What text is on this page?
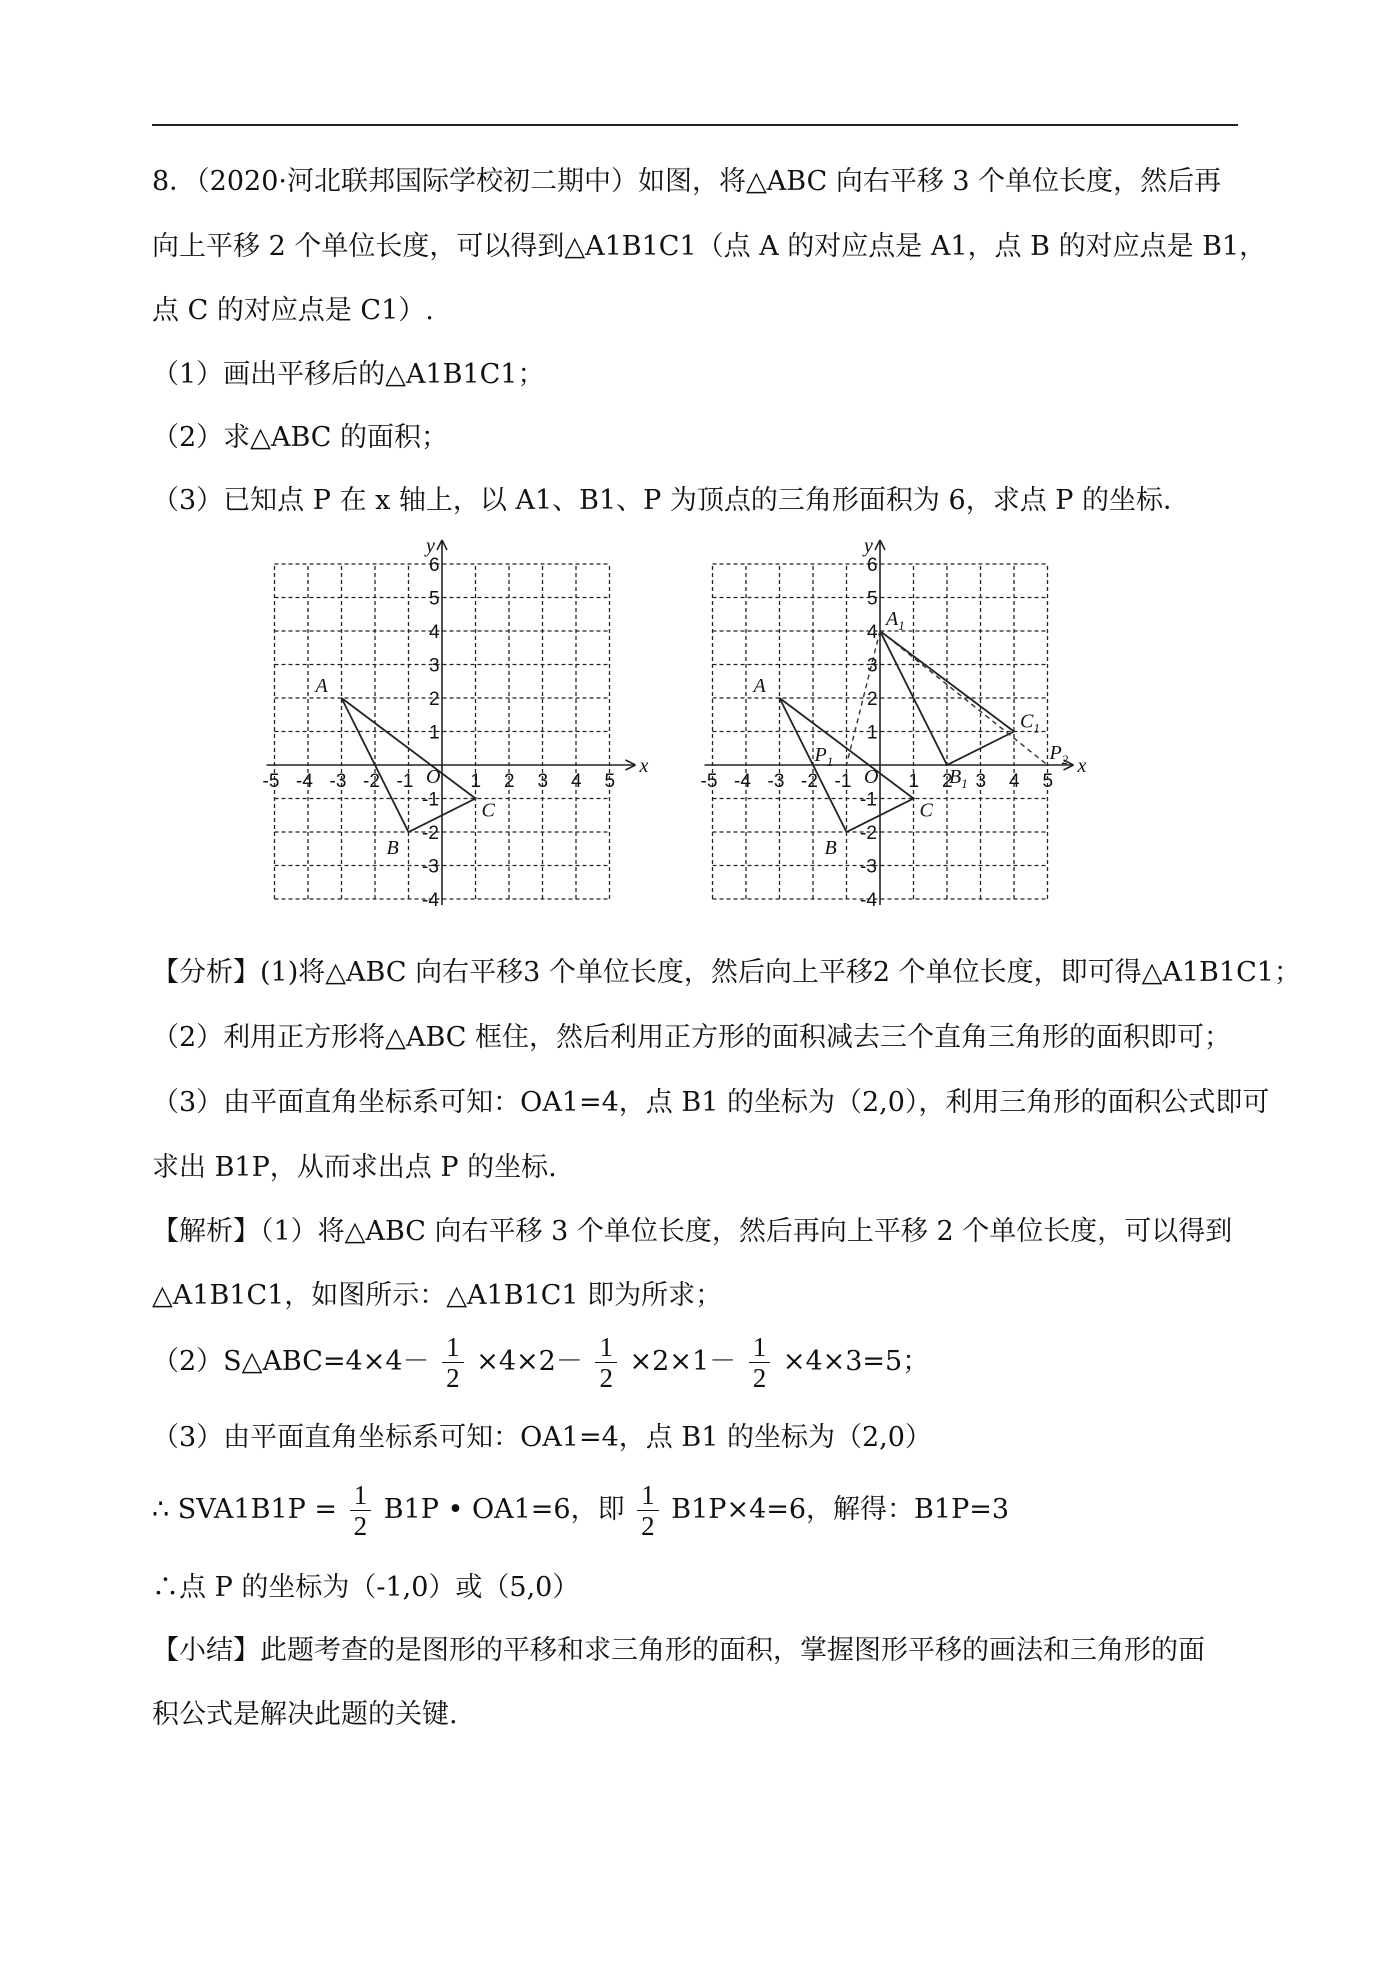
8．（2020·河北联邦国际学校初二期中）如图，将△ABC 向右平移 3 个单位长度，然后再
向上平移 2 个单位长度，可以得到△A1B1C1（点 A 的对应点是 A1，点 B 的对应点是 B1，
点 C 的对应点是 C1）.
（1）画出平移后的△A1B1C1；
（2）求△ABC 的面积；
（3）已知点 P 在 x 轴上，以 A1、B1、P 为顶点的三角形面积为 6，求点 P 的坐标．
x
y
O
-5 -4 -3 -2 -1	1 2 3 4 5
6
5
4
3
2
1
-1
-2
-3
-4
A
B
C
x
y
O
-5 -4 -3 -2 -1	1 2 3 4 5
6
5
4
3
2
1
-1
-2
-3
-4
A
B
C
$A_1$
$B_1$
$C_1$
$P_1$	$P_2$
【分析】(1)将△ABC 向右平移3 个单位长度，然后向上平移2 个单位长度，即可得△A1B1C1；
（2）利用正方形将△ABC 框住，然后利用正方形的面积减去三个直角三角形的面积即可；
（3）由平面直角坐标系可知：OA1=4，点 B1 的坐标为（2,0），利用三角形的面积公式即可
求出 B1P，从而求出点 P 的坐标.
【解析】（1）将△ABC 向右平移 3 个单位长度，然后再向上平移 2 个单位长度，可以得到
△A1B1C1，如图所示：△A1B1C1 即为所求；
（2）S△ABC=4×4－ $\frac{1}{2} \times 4\times 2- \frac{1}{2} \times 2\times 1- \frac{1}{2} \times 4\times 3=5$；
（3）由平面直角坐标系可知：OA1=4，点 B1 的坐标为（2,0）
∴ $SVA1B1P = \frac{1}{2} B1P$ • OA1=6，即 $\frac{1}{2} B1P\times 4=6$，解得：B1P=3
∴点 P 的坐标为（-1,0）或（5,0）
【小结】此题考查的是图形的平移和求三角形的面积，掌握图形平移的画法和三角形的面
积公式是解决此题的关键.
